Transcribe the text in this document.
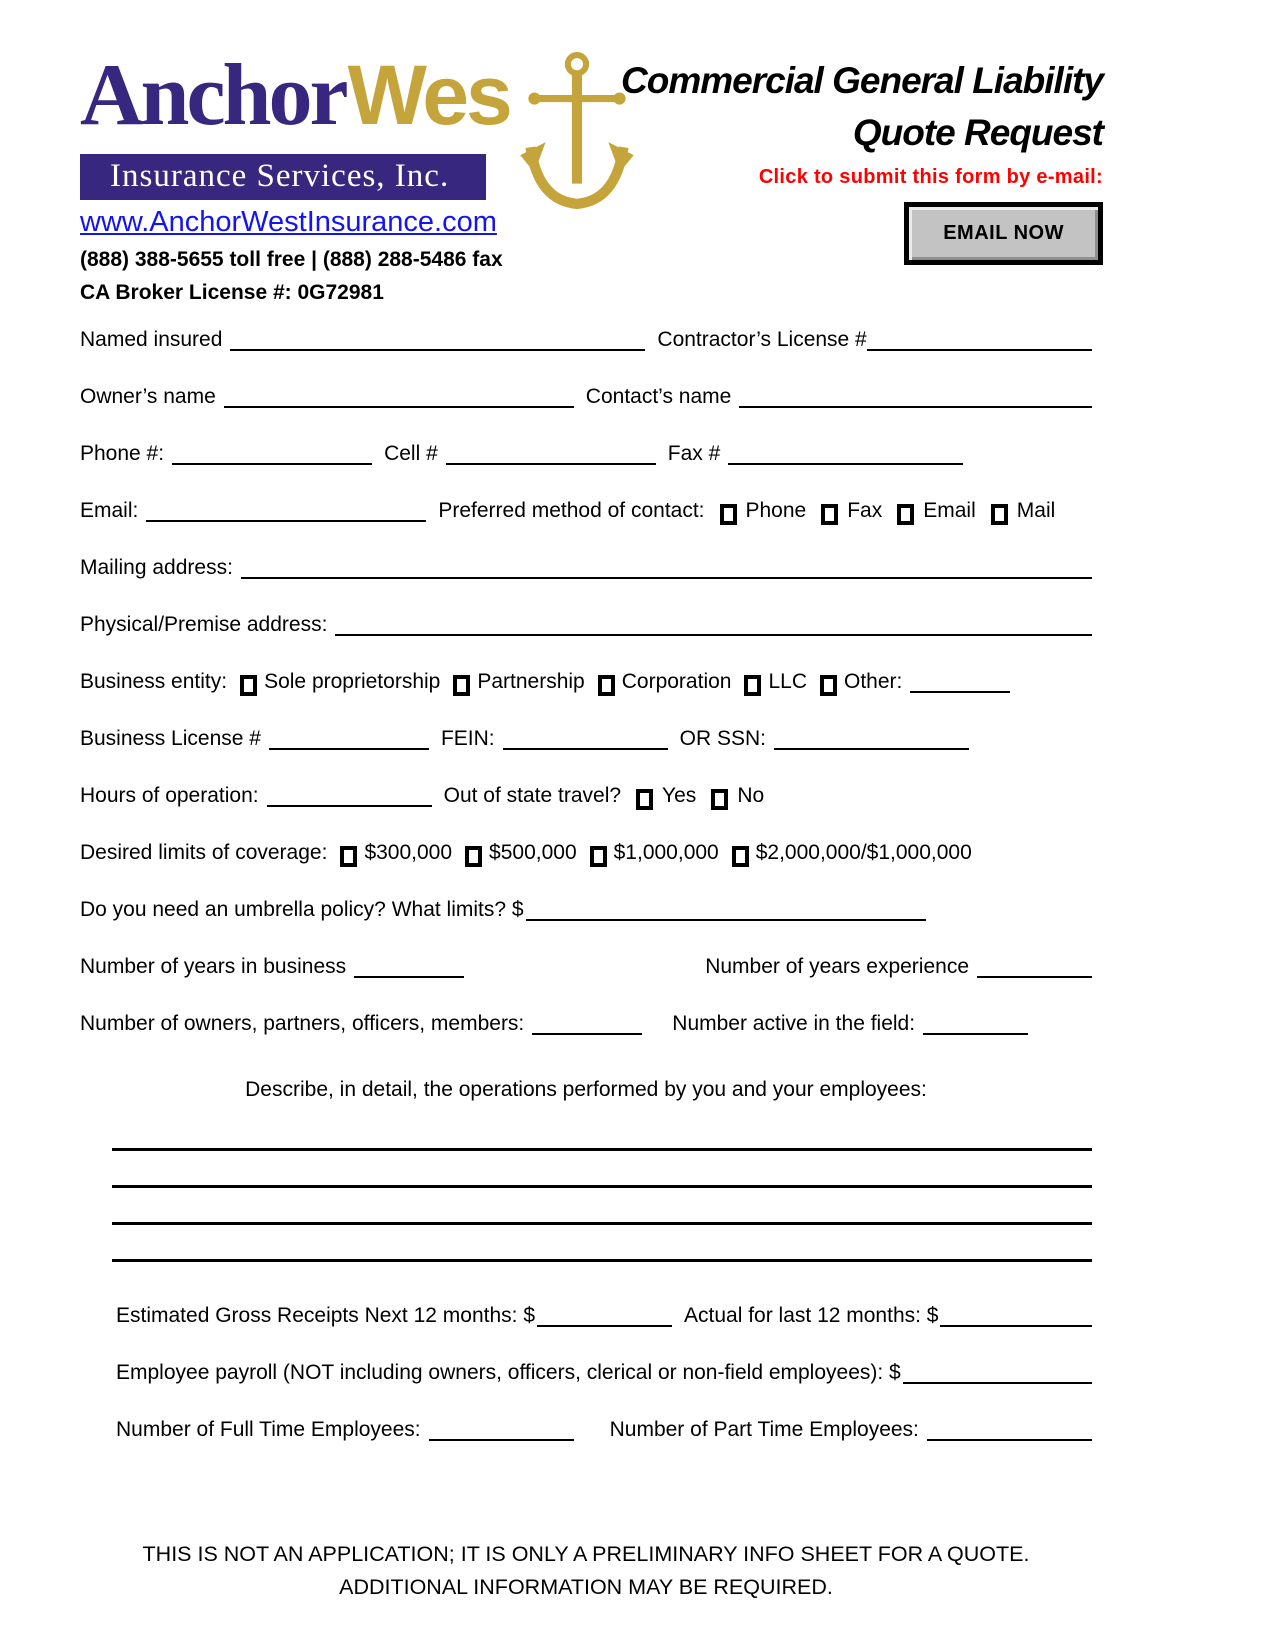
AnchorWes
Insurance Services, Inc.
www.AnchorWestInsurance.com
(888) 388-5655 toll free | (888) 288-5486 fax
CA Broker License #: 0G72981
Commercial General Liability
Quote Request
Click to submit this form by e-mail:
EMAIL NOW
Named insured	Contractor’s License #
Owner’s name	Contact’s name
Phone #:	Cell #	Fax #
Email:	Preferred method of contact: Phone Fax Email Mail
Mailing address:
Physical/Premise address:
Business entity: Sole proprietorship Partnership Corporation LLC Other:
Business License #	FEIN:	OR SSN:
Hours of operation:	Out of state travel? Yes No
Desired limits of coverage: $300,000 $500,000 $1,000,000 $2,000,000/$1,000,000
Do you need an umbrella policy? What limits? $
Number of years in business	Number of years experience
Number of owners, partners, officers, members:	Number active in the field:
Describe, in detail, the operations performed by you and your employees:
Estimated Gross Receipts Next 12 months: $	Actual for last 12 months: $
Employee payroll (NOT including owners, officers, clerical or non-field employees): $
Number of Full Time Employees:	Number of Part Time Employees:
THIS IS NOT AN APPLICATION; IT IS ONLY A PRELIMINARY INFO SHEET FOR A QUOTE.
ADDITIONAL INFORMATION MAY BE REQUIRED.
